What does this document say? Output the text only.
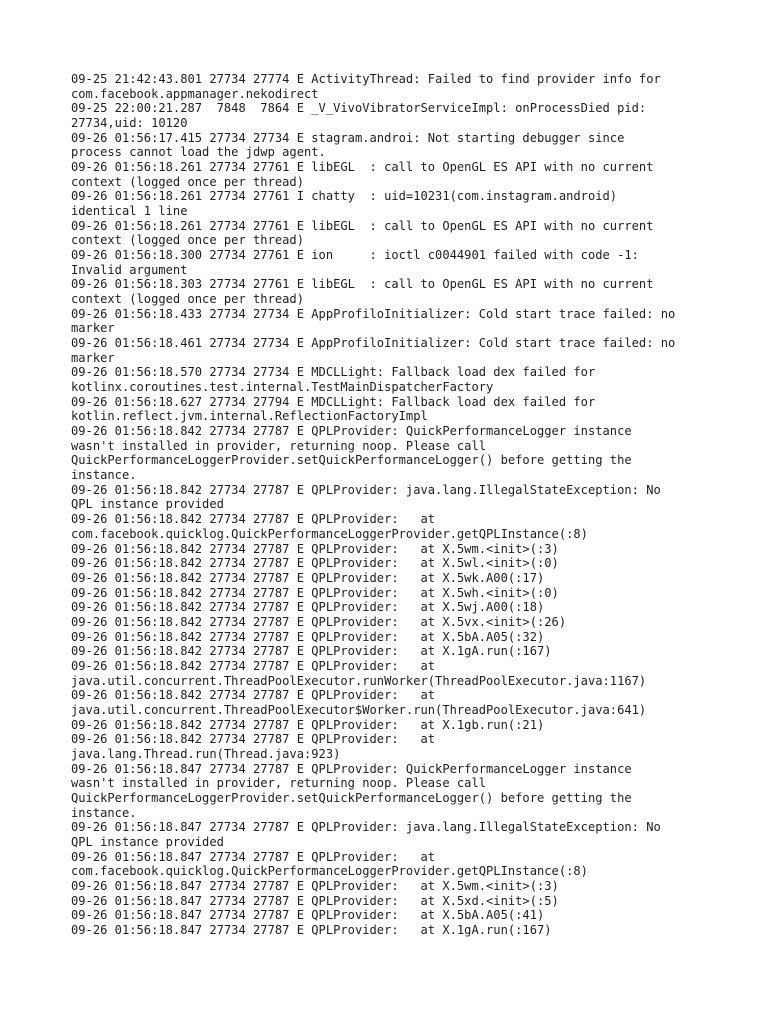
09-25 21:42:43.801 27734 27774 E ActivityThread: Failed to find provider info for
com.facebook.appmanager.nekodirect
09-25 22:00:21.287  7848  7864 E _V_VivoVibratorServiceImpl: onProcessDied pid:
27734,uid: 10120
09-26 01:56:17.415 27734 27734 E stagram.androi: Not starting debugger since
process cannot load the jdwp agent.
09-26 01:56:18.261 27734 27761 E libEGL  : call to OpenGL ES API with no current
context (logged once per thread)
09-26 01:56:18.261 27734 27761 I chatty  : uid=10231(com.instagram.android)
identical 1 line
09-26 01:56:18.261 27734 27761 E libEGL  : call to OpenGL ES API with no current
context (logged once per thread)
09-26 01:56:18.300 27734 27761 E ion     : ioctl c0044901 failed with code -1:
Invalid argument
09-26 01:56:18.303 27734 27761 E libEGL  : call to OpenGL ES API with no current
context (logged once per thread)
09-26 01:56:18.433 27734 27734 E AppProfiloInitializer: Cold start trace failed: no
marker
09-26 01:56:18.461 27734 27734 E AppProfiloInitializer: Cold start trace failed: no
marker
09-26 01:56:18.570 27734 27734 E MDCLLight: Fallback load dex failed for
kotlinx.coroutines.test.internal.TestMainDispatcherFactory
09-26 01:56:18.627 27734 27794 E MDCLLight: Fallback load dex failed for
kotlin.reflect.jvm.internal.ReflectionFactoryImpl
09-26 01:56:18.842 27734 27787 E QPLProvider: QuickPerformanceLogger instance
wasn't installed in provider, returning noop. Please call
QuickPerformanceLoggerProvider.setQuickPerformanceLogger() before getting the
instance.
09-26 01:56:18.842 27734 27787 E QPLProvider: java.lang.IllegalStateException: No
QPL instance provided
09-26 01:56:18.842 27734 27787 E QPLProvider:   at
com.facebook.quicklog.QuickPerformanceLoggerProvider.getQPLInstance(:8)
09-26 01:56:18.842 27734 27787 E QPLProvider:   at X.5wm.<init>(:3)
09-26 01:56:18.842 27734 27787 E QPLProvider:   at X.5wl.<init>(:0)
09-26 01:56:18.842 27734 27787 E QPLProvider:   at X.5wk.A00(:17)
09-26 01:56:18.842 27734 27787 E QPLProvider:   at X.5wh.<init>(:0)
09-26 01:56:18.842 27734 27787 E QPLProvider:   at X.5wj.A00(:18)
09-26 01:56:18.842 27734 27787 E QPLProvider:   at X.5vx.<init>(:26)
09-26 01:56:18.842 27734 27787 E QPLProvider:   at X.5bA.A05(:32)
09-26 01:56:18.842 27734 27787 E QPLProvider:   at X.1gA.run(:167)
09-26 01:56:18.842 27734 27787 E QPLProvider:   at
java.util.concurrent.ThreadPoolExecutor.runWorker(ThreadPoolExecutor.java:1167)
09-26 01:56:18.842 27734 27787 E QPLProvider:   at
java.util.concurrent.ThreadPoolExecutor$Worker.run(ThreadPoolExecutor.java:641)
09-26 01:56:18.842 27734 27787 E QPLProvider:   at X.1gb.run(:21)
09-26 01:56:18.842 27734 27787 E QPLProvider:   at
java.lang.Thread.run(Thread.java:923)
09-26 01:56:18.847 27734 27787 E QPLProvider: QuickPerformanceLogger instance
wasn't installed in provider, returning noop. Please call
QuickPerformanceLoggerProvider.setQuickPerformanceLogger() before getting the
instance.
09-26 01:56:18.847 27734 27787 E QPLProvider: java.lang.IllegalStateException: No
QPL instance provided
09-26 01:56:18.847 27734 27787 E QPLProvider:   at
com.facebook.quicklog.QuickPerformanceLoggerProvider.getQPLInstance(:8)
09-26 01:56:18.847 27734 27787 E QPLProvider:   at X.5wm.<init>(:3)
09-26 01:56:18.847 27734 27787 E QPLProvider:   at X.5xd.<init>(:5)
09-26 01:56:18.847 27734 27787 E QPLProvider:   at X.5bA.A05(:41)
09-26 01:56:18.847 27734 27787 E QPLProvider:   at X.1gA.run(:167)
